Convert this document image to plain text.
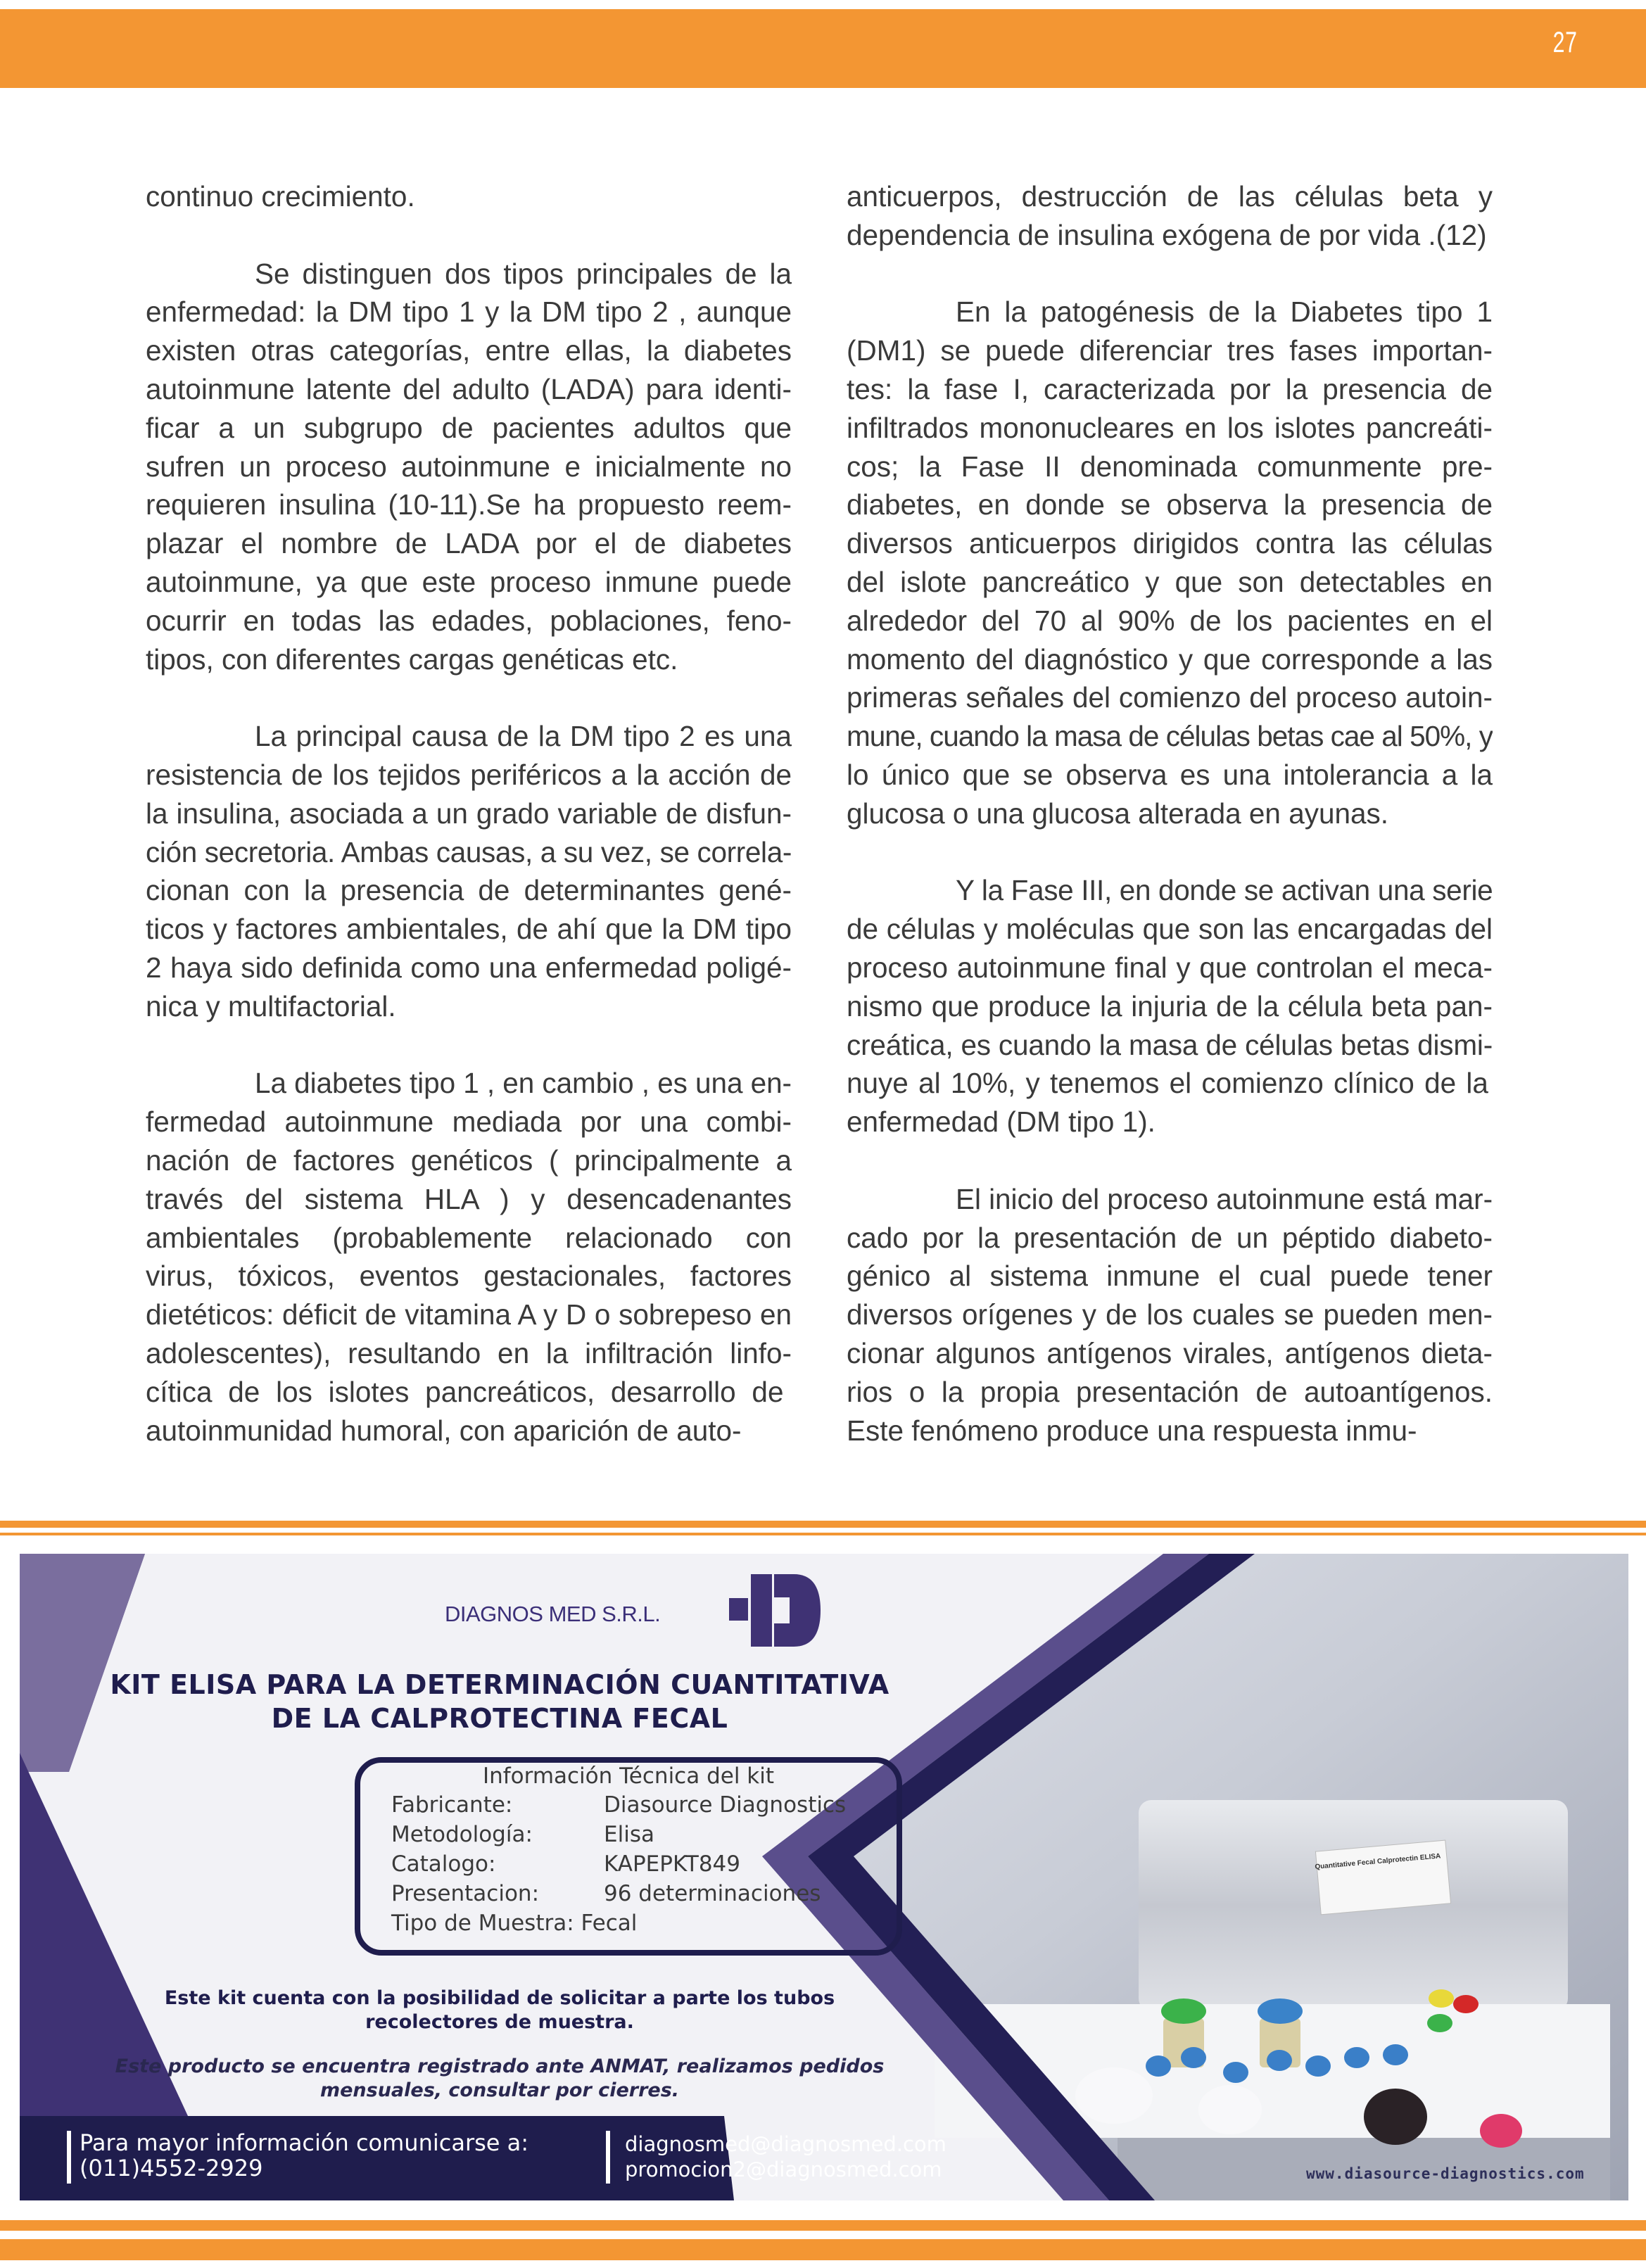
27
continuo crecimiento.
Se distinguen dos tipos principales de la
enfermedad: la DM tipo 1 y la DM tipo 2 , aunque
existen otras categorías, entre ellas, la diabetes
autoinmune latente del adulto (LADA) para identi-
ficar a un subgrupo de pacientes adultos que
sufren un proceso autoinmune e inicialmente no
requieren insulina (10-11).Se ha propuesto reem-
plazar el nombre de LADA por el de diabetes
autoinmune, ya que este proceso inmune puede
ocurrir en todas las edades, poblaciones, feno-
tipos, con diferentes cargas genéticas etc.
La principal causa de la DM tipo 2 es una
resistencia de los tejidos periféricos a la acción de
la insulina, asociada a un grado variable de disfun-
ción secretoria. Ambas causas, a su vez, se correla-
cionan con la presencia de determinantes gené-
ticos y factores ambientales, de ahí que la DM tipo
2 haya sido definida como una enfermedad poligé-
nica y multifactorial.
La diabetes tipo 1 , en cambio , es una en-
fermedad autoinmune mediada por una combi-
nación de factores genéticos ( principalmente a
través del sistema HLA ) y desencadenantes
ambientales (probablemente relacionado con
virus, tóxicos, eventos gestacionales, factores
dietéticos: déficit de vitamina A y D o sobrepeso en
adolescentes), resultando en la infiltración linfo-
cítica de los islotes pancreáticos, desarrollo de
autoinmunidad humoral, con aparición de auto-
anticuerpos, destrucción de las células beta y
dependencia de insulina exógena de por vida .(12)
En la patogénesis de la Diabetes tipo 1
(DM1) se puede diferenciar tres fases importan-
tes: la fase I, caracterizada por la presencia de
infiltrados mononucleares en los islotes pancreáti-
cos; la Fase II denominada comunmente pre-
diabetes, en donde se observa la presencia de
diversos anticuerpos dirigidos contra las células
del islote pancreático y que son detectables en
alrededor del 70 al 90% de los pacientes en el
momento del diagnóstico y que corresponde a las
primeras señales del comienzo del proceso autoin-
mune, cuando la masa de células betas cae al 50%, y
lo único que se observa es una intolerancia a la
glucosa o una glucosa alterada en ayunas.
Y la Fase III, en donde se activan una serie
de células y moléculas que son las encargadas del
proceso autoinmune final y que controlan el meca-
nismo que produce la injuria de la célula beta pan-
creática, es cuando la masa de células betas dismi-
nuye al 10%, y tenemos el comienzo clínico de la
enfermedad (DM tipo 1).
El inicio del proceso autoinmune está mar-
cado por la presentación de un péptido diabeto-
génico al sistema inmune el cual puede tener
diversos orígenes y de los cuales se pueden men-
cionar algunos antígenos virales, antígenos dieta-
rios o la propia presentación de autoantígenos.
Este fenómeno produce una respuesta inmu-
DIAGNOS MED S.R.L.
KIT ELISA PARA LA DETERMINACIÓN CUANTITATIVA
DE LA CALPROTECTINA FECAL
Información Técnica del kit
Fabricante:	Diasource Diagnostics
Metodología:	Elisa
Catalogo:	KAPEPKT849
Presentacion:	96 determinaciones
Tipo de Muestra: Fecal
Este kit cuenta con la posibilidad de solicitar a parte los tubos
recolectores de muestra.
Este producto se encuentra registrado ante ANMAT, realizamos pedidos
mensuales, consultar por cierres.
Para mayor información comunicarse a:
(011)4552-2929
diagnosmed@diagnosmed.com
promocion2@diagnosmed.com	www.diasource-diagnostics.com
Quantitative Fecal Calprotectin ELISA
